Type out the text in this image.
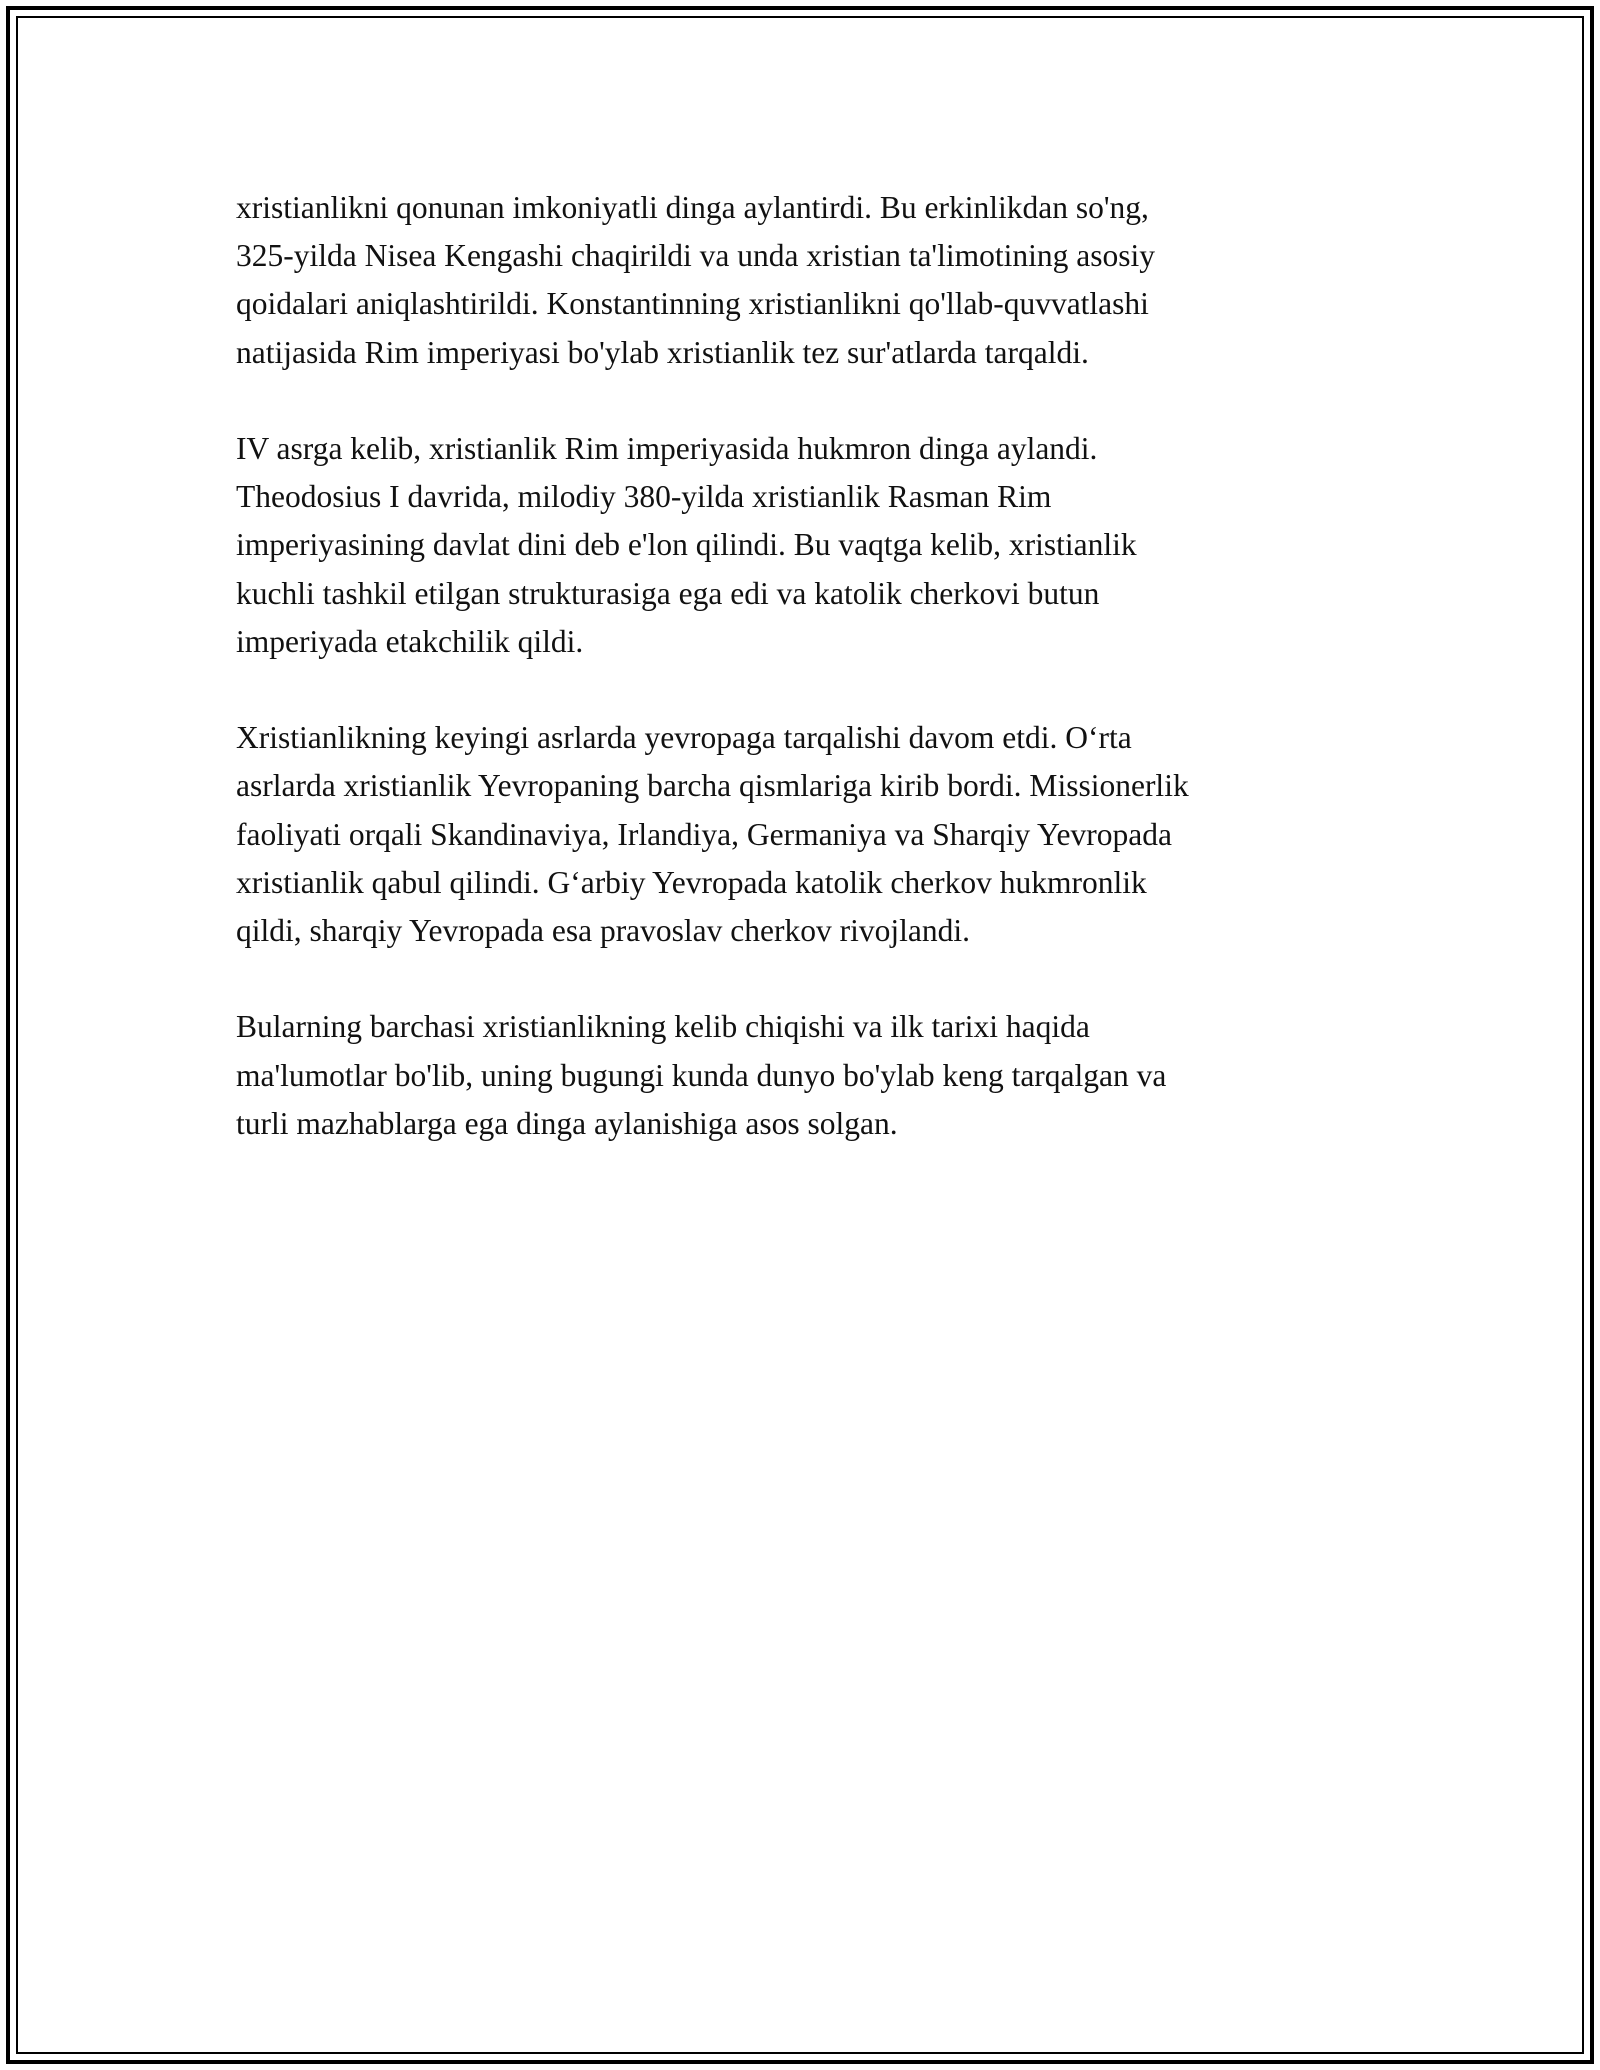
xristianlikni qonunan imkoniyatli dinga aylantirdi. Bu erkinlikdan so'ng,
325-yilda Nisea Kengashi chaqirildi va unda xristian ta'limotining asosiy
qoidalari aniqlashtirildi. Konstantinning xristianlikni qo'llab-quvvatlashi
natijasida Rim imperiyasi bo'ylab xristianlik tez sur'atlarda tarqaldi.

IV asrga kelib, xristianlik Rim imperiyasida hukmron dinga aylandi.
Theodosius I davrida, milodiy 380-yilda xristianlik Rasman Rim
imperiyasining davlat dini deb e'lon qilindi. Bu vaqtga kelib, xristianlik
kuchli tashkil etilgan strukturasiga ega edi va katolik cherkovi butun
imperiyada etakchilik qildi.

Xristianlikning keyingi asrlarda yevropaga tarqalishi davom etdi. O‘rta
asrlarda xristianlik Yevropaning barcha qismlariga kirib bordi. Missionerlik
faoliyati orqali Skandinaviya, Irlandiya, Germaniya va Sharqiy Yevropada
xristianlik qabul qilindi. G‘arbiy Yevropada katolik cherkov hukmronlik
qildi, sharqiy Yevropada esa pravoslav cherkov rivojlandi.

Bularning barchasi xristianlikning kelib chiqishi va ilk tarixi haqida
ma'lumotlar bo'lib, uning bugungi kunda dunyo bo'ylab keng tarqalgan va
turli mazhablarga ega dinga aylanishiga asos solgan.
